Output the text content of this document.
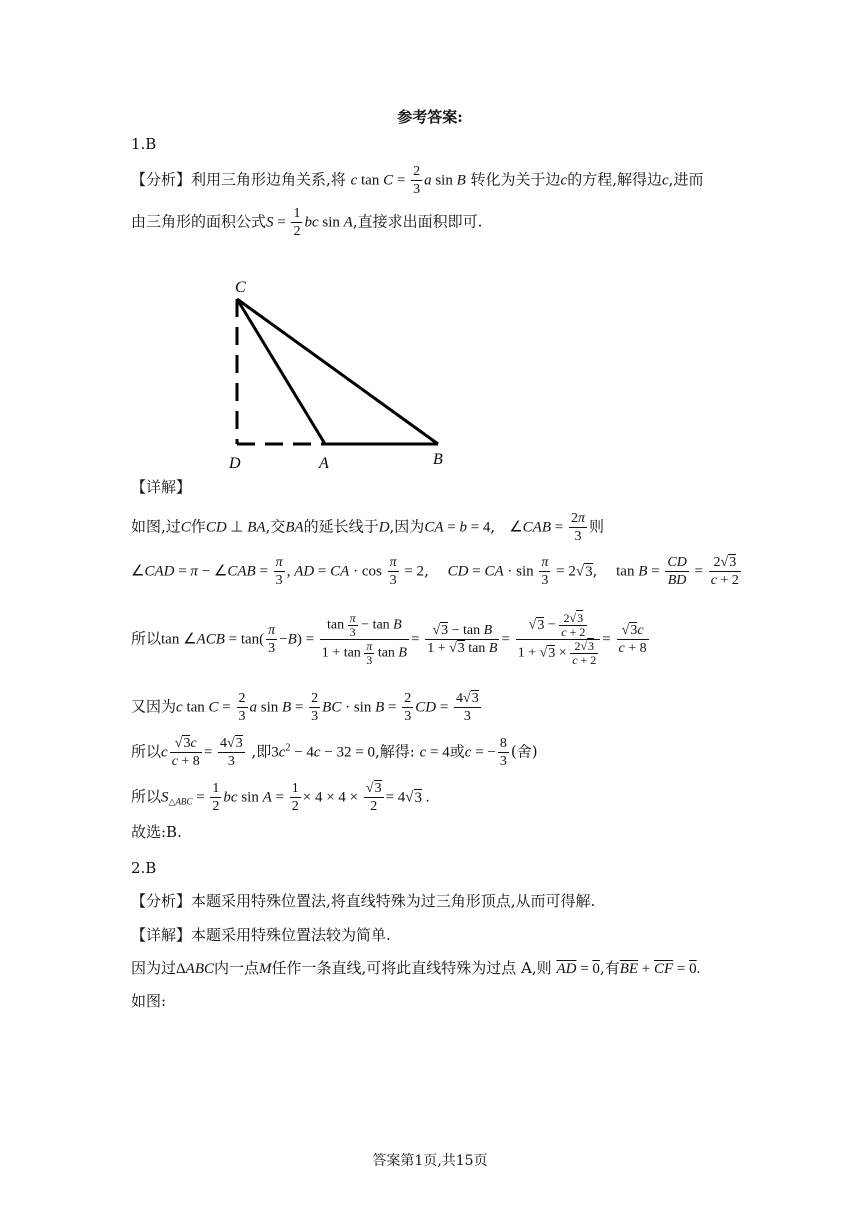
参考答案:
1.B
【分析】利用三角形边角关系,将 c $\tan C = \frac{2}{3}$ a sin B 转化为关于边c的方程,解得边c,进而
由三角形的面积公式$S = \frac{1}{2}$ bc sin A,直接求出面积即可.
C
D	A	B
【详解】
如图,过C作CD ⊥ BA,交BA的延长线于D,因为CA = b = 4, ∠CAB = $\frac{2\pi}{3}$ 则
∠CAD = π − ∠CAB = $\frac{\pi}{3}$ , AD = CA · $\cos \frac{\pi}{3} = 2$, CD = CA · $\sin \frac{\pi}{3} = 2√3$, $\tan B = \frac{CD}{BD} = \frac{2√3}{c + 2}$
所以tan ∠ACB = $\tan( \frac{\pi}{3} -B) = \frac{\tan \frac{\pi}{3} - \tan B}{1 + \tan \frac{\pi}{3} \tan B} = \frac{\text{√3 − tan B}}{\text{1 + √3 tan B}} = \frac{√3 - \frac{2√3}{c + 2}}{1 + √3 \times \frac{2√3}{c + 2}} = \frac{√3c}{c + 8}$
又因为c $\tan C = \frac{2}{3}$ a $\sin B = \frac{2}{3}$ BC · $\sin B = \frac{2}{3}$ CD = $\frac{4√3}{3}$
所以c $\frac{√3c}{c + 8} = \frac{4√3}{3}$ ,即$3c^2 - 4c - 32 = 0$,解得: c = 4或c = − $\frac{8}{3}$ (舍)
所以$S_{\triangle ABC} = \frac{1}{2}$ bc $\sin A = \frac{1}{2} \times 4 \times 4 \times \frac{√3}{2} = 4√3$ .
故选:B.
2.B
【分析】本题采用特殊位置法,将直线特殊为过三角形顶点,从而可得解.
【详解】本题采用特殊位置法较为简单.
因为过ΔABC内一点M任作一条直线,可将此直线特殊为过点 A,则 $\overline{AD} = 0$,有$\overline{BE} + \overline{CF} = 0$.
如图:
答案第1页,共15页
